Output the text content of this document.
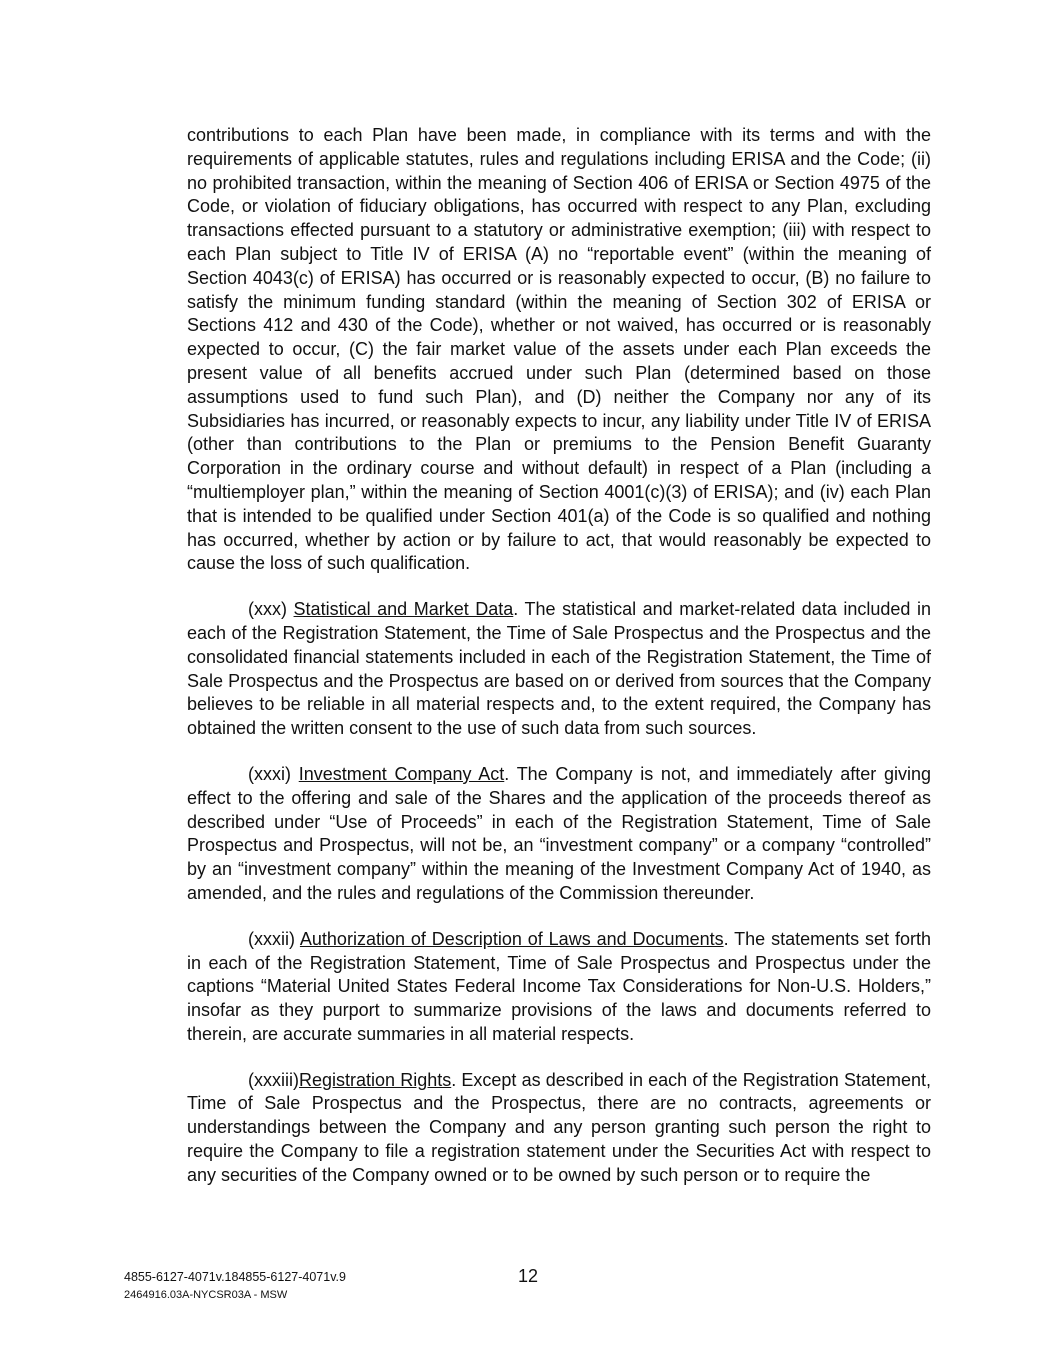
contributions to each Plan have been made, in compliance with its terms and with the requirements of applicable statutes, rules and regulations including ERISA and the Code; (ii) no prohibited transaction, within the meaning of Section 406 of ERISA or Section 4975 of the Code, or violation of fiduciary obligations, has occurred with respect to any Plan, excluding transactions effected pursuant to a statutory or administrative exemption; (iii) with respect to each Plan subject to Title IV of ERISA (A) no “reportable event” (within the meaning of Section 4043(c) of ERISA) has occurred or is reasonably expected to occur, (B) no failure to satisfy the minimum funding standard (within the meaning of Section 302 of ERISA or Sections 412 and 430 of the Code), whether or not waived, has occurred or is reasonably expected to occur, (C) the fair market value of the assets under each Plan exceeds the present value of all benefits accrued under such Plan (determined based on those assumptions used to fund such Plan), and (D) neither the Company nor any of its Subsidiaries has incurred, or reasonably expects to incur, any liability under Title IV of ERISA (other than contributions to the Plan or premiums to the Pension Benefit Guaranty Corporation in the ordinary course and without default) in respect of a Plan (including a “multiemployer plan,” within the meaning of Section 4001(c)(3) of ERISA); and (iv) each Plan that is intended to be qualified under Section 401(a) of the Code is so qualified and nothing has occurred, whether by action or by failure to act, that would reasonably be expected to cause the loss of such qualification.

(xxx) Statistical and Market Data. The statistical and market-related data included in each of the Registration Statement, the Time of Sale Prospectus and the Prospectus and the consolidated financial statements included in each of the Registration Statement, the Time of Sale Prospectus and the Prospectus are based on or derived from sources that the Company believes to be reliable in all material respects and, to the extent required, the Company has obtained the written consent to the use of such data from such sources.

(xxxi) Investment Company Act. The Company is not, and immediately after giving effect to the offering and sale of the Shares and the application of the proceeds thereof as described under “Use of Proceeds” in each of the Registration Statement, Time of Sale Prospectus and Prospectus, will not be, an “investment company” or a company “controlled” by an “investment company” within the meaning of the Investment Company Act of 1940, as amended, and the rules and regulations of the Commission thereunder.

(xxxii) Authorization of Description of Laws and Documents. The statements set forth in each of the Registration Statement, Time of Sale Prospectus and Prospectus under the captions “Material United States Federal Income Tax Considerations for Non-U.S. Holders,” insofar as they purport to summarize provisions of the laws and documents referred to therein, are accurate summaries in all material respects.

(xxxiii)Registration Rights. Except as described in each of the Registration Statement, Time of Sale Prospectus and the Prospectus, there are no contracts, agreements or understandings between the Company and any person granting such person the right to require the Company to file a registration statement under the Securities Act with respect to any securities of the Company owned or to be owned by such person or to require the

4855-6127-4071v.184855-6127-4071v.9
2464916.03A-NYCSR03A - MSW
12
